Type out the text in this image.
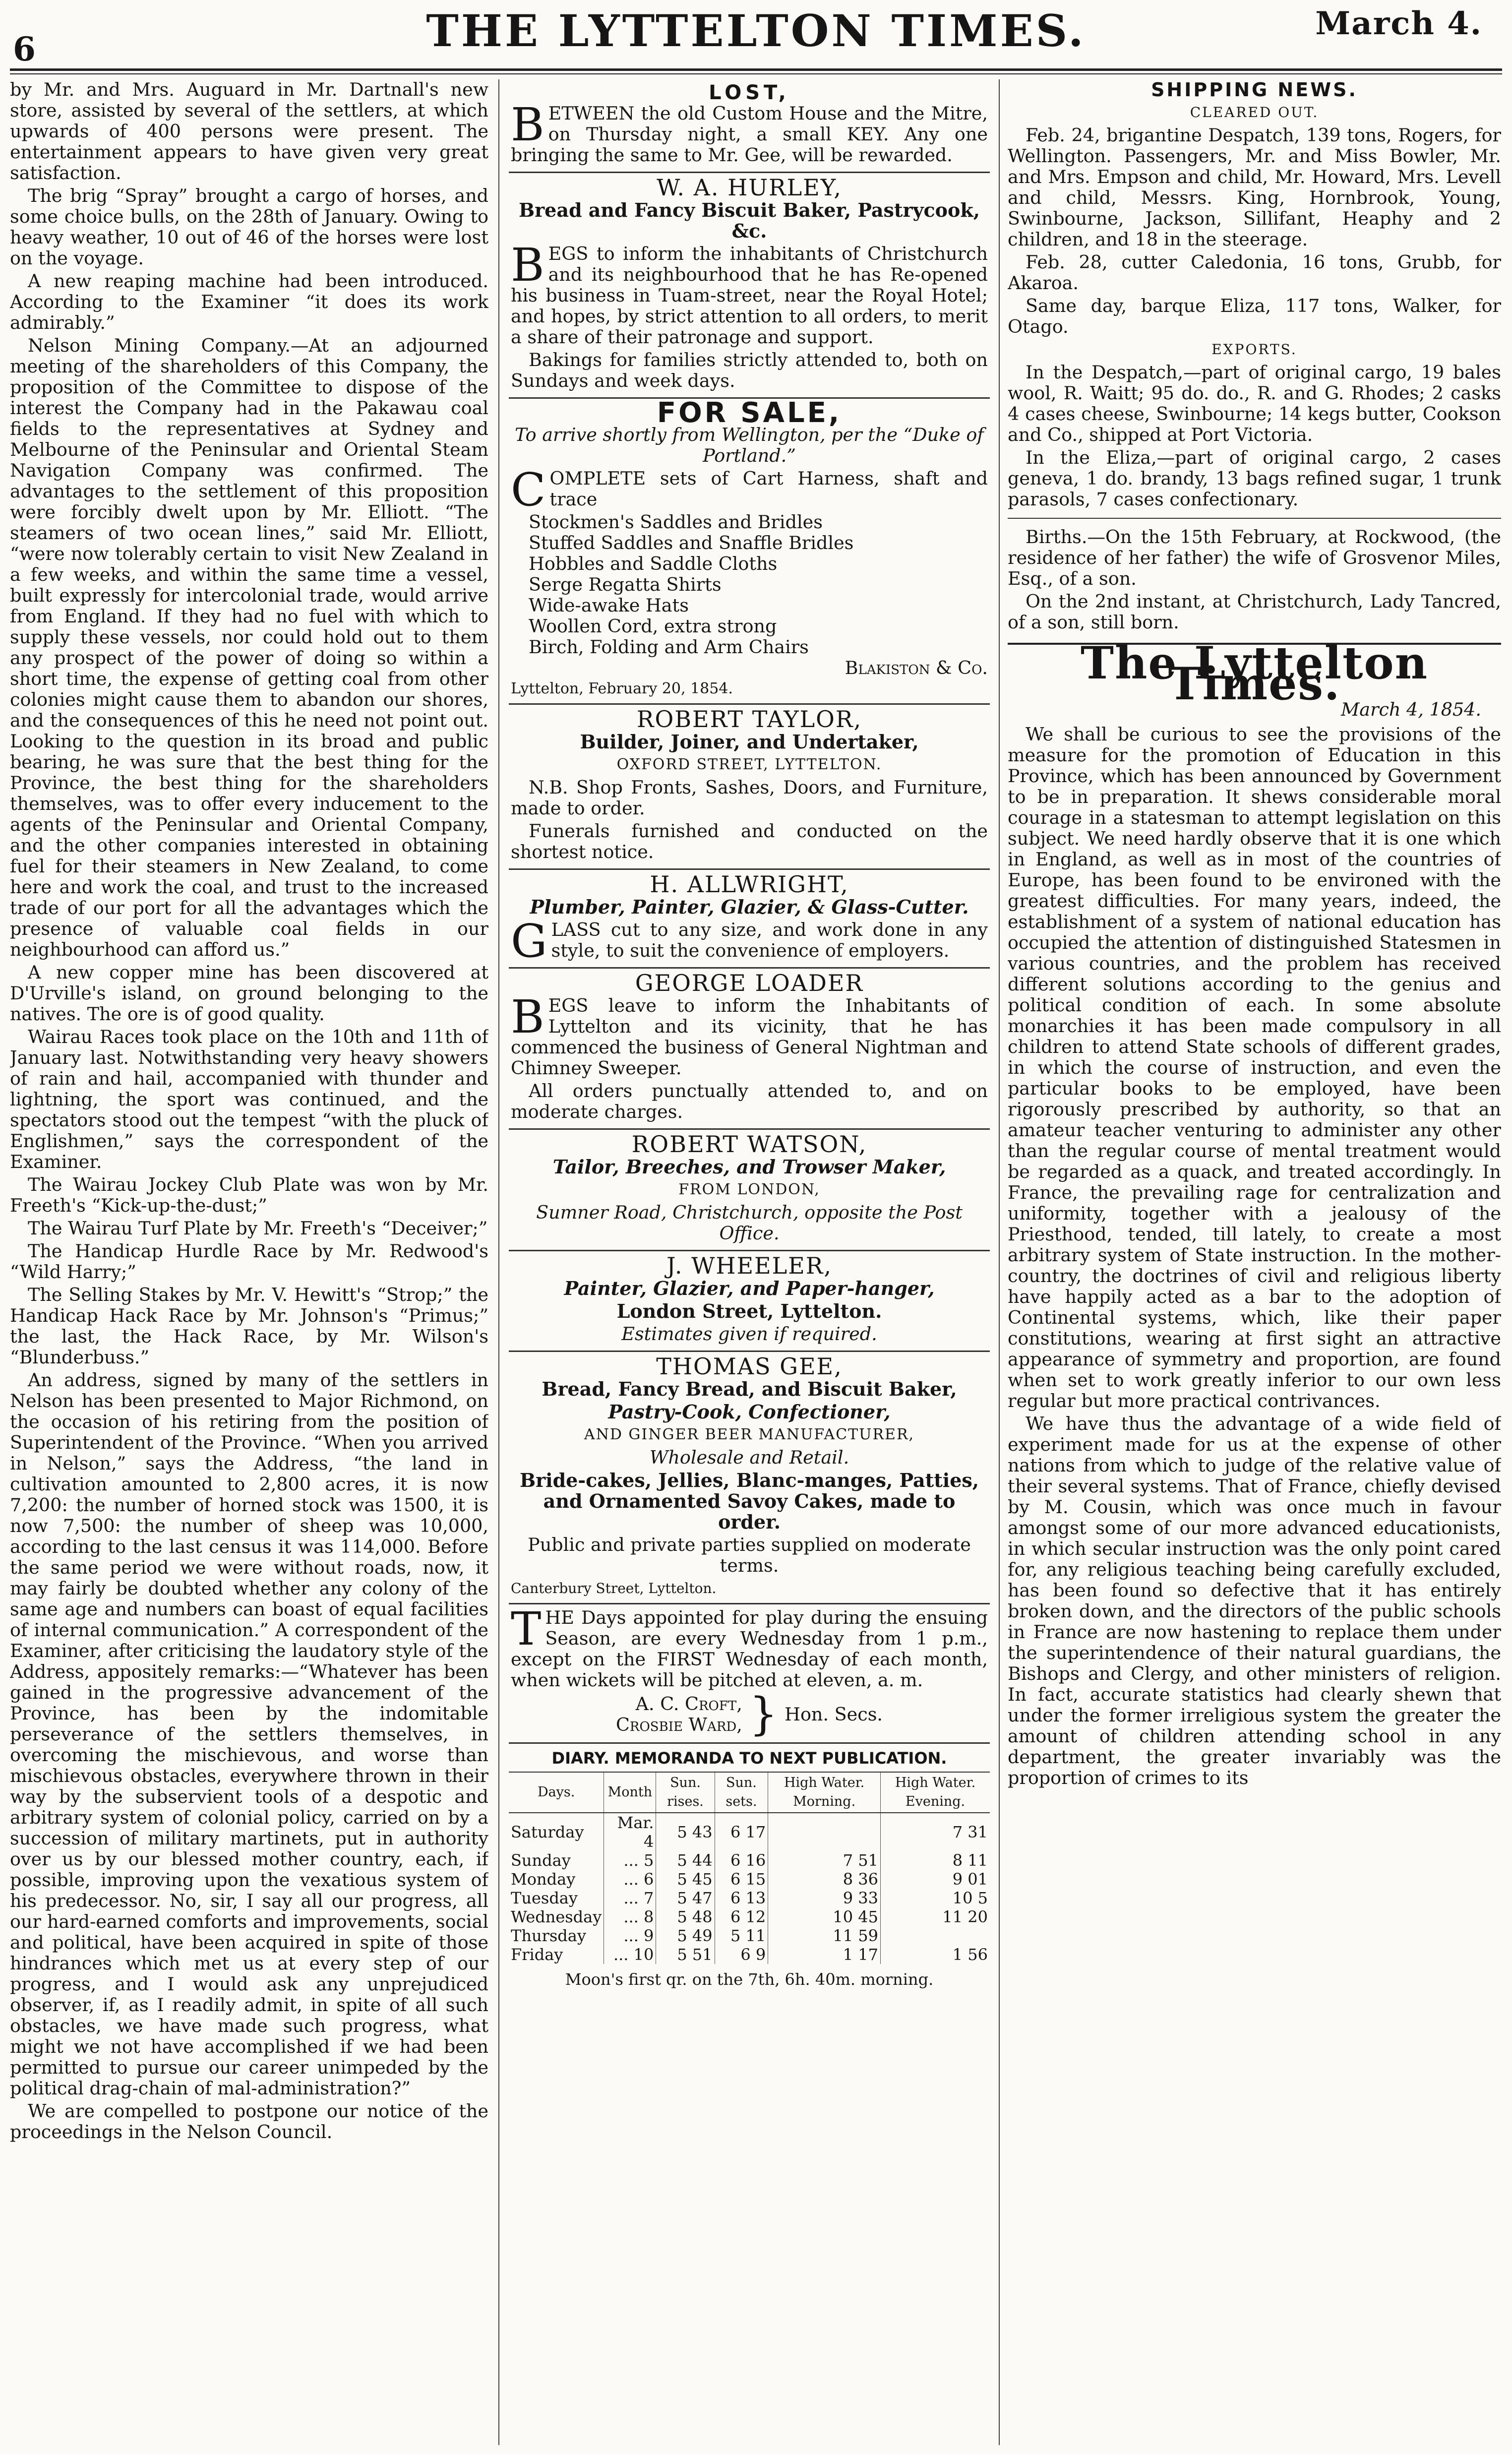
6	THE LYTTELTON TIMES.	March 4.

by Mr. and Mrs. Auguard in Mr. Dartnall's new store, assisted by several of the settlers, at which upwards of 400 persons were present. The entertainment appears to have given very great satisfaction.

The brig “Spray” brought a cargo of horses, and some choice bulls, on the 28th of January. Owing to heavy weather, 10 out of 46 of the horses were lost on the voyage.

A new reaping machine had been introduced. According to the Examiner “it does its work admirably.”

Nelson Mining Company.—At an adjourned meeting of the shareholders of this Company, the proposition of the Committee to dispose of the interest the Company had in the Pakawau coal fields to the representatives at Sydney and Melbourne of the Peninsular and Oriental Steam Navigation Company was confirmed. The advantages to the settlement of this proposition were forcibly dwelt upon by Mr. Elliott. “The steamers of two ocean lines,” said Mr. Elliott, “were now tolerably certain to visit New Zealand in a few weeks, and within the same time a vessel, built expressly for intercolonial trade, would arrive from England. If they had no fuel with which to supply these vessels, nor could hold out to them any prospect of the power of doing so within a short time, the expense of getting coal from other colonies might cause them to abandon our shores, and the consequences of this he need not point out. Looking to the question in its broad and public bearing, he was sure that the best thing for the Province, the best thing for the shareholders themselves, was to offer every inducement to the agents of the Peninsular and Oriental Company, and the other companies interested in obtaining fuel for their steamers in New Zealand, to come here and work the coal, and trust to the increased trade of our port for all the advantages which the presence of valuable coal fields in our neighbourhood can afford us.”

A new copper mine has been discovered at D'Urville's island, on ground belonging to the natives. The ore is of good quality.

Wairau Races took place on the 10th and 11th of January last. Notwithstanding very heavy showers of rain and hail, accompanied with thunder and lightning, the sport was continued, and the spectators stood out the tempest “with the pluck of Englishmen,” says the correspondent of the Examiner.

The Wairau Jockey Club Plate was won by Mr. Freeth's “Kick-up-the-dust;”

The Wairau Turf Plate by Mr. Freeth's “Deceiver;”

The Handicap Hurdle Race by Mr. Redwood's “Wild Harry;”

The Selling Stakes by Mr. V. Hewitt's “Strop;” the Handicap Hack Race by Mr. Johnson's “Primus;” the last, the Hack Race, by Mr. Wilson's “Blunderbuss.”

An address, signed by many of the settlers in Nelson has been presented to Major Richmond, on the occasion of his retiring from the position of Superintendent of the Province. “When you arrived in Nelson,” says the Address, “the land in cultivation amounted to 2,800 acres, it is now 7,200: the number of horned stock was 1500, it is now 7,500: the number of sheep was 10,000, according to the last census it was 114,000. Before the same period we were without roads, now, it may fairly be doubted whether any colony of the same age and numbers can boast of equal facilities of internal communication.” A correspondent of the Examiner, after criticising the laudatory style of the Address, appositely remarks:—“Whatever has been gained in the progressive advancement of the Province, has been by the indomitable perseverance of the settlers themselves, in overcoming the mischievous, and worse than mischievous obstacles, everywhere thrown in their way by the subservient tools of a despotic and arbitrary system of colonial policy, carried on by a succession of military martinets, put in authority over us by our blessed mother country, each, if possible, improving upon the vexatious system of his predecessor. No, sir, I say all our progress, all our hard-earned comforts and improvements, social and political, have been acquired in spite of those hindrances which met us at every step of our progress, and I would ask any unprejudiced observer, if, as I readily admit, in spite of all such obstacles, we have made such progress, what might we not have accomplished if we had been permitted to pursue our career unimpeded by the political drag-chain of mal-administration?”

We are compelled to postpone our notice of the proceedings in the Nelson Council.

LOST,

BETWEEN the old Custom House and the Mitre, on Thursday night, a small KEY. Any one bringing the same to Mr. Gee, will be rewarded.

W. A. HURLEY,
Bread and Fancy Biscuit Baker, Pastrycook, &c.

BEGS to inform the inhabitants of Christchurch and its neighbourhood that he has Re-opened his business in Tuam-street, near the Royal Hotel; and hopes, by strict attention to all orders, to merit a share of their patronage and support.

Bakings for families strictly attended to, both on Sundays and week days.

FOR SALE,
To arrive shortly from Wellington, per the “Duke of Portland.”

COMPLETE sets of Cart Harness, shaft and trace

Stockmen's Saddles and Bridles

Stuffed Saddles and Snaffle Bridles

Hobbles and Saddle Cloths

Serge Regatta Shirts

Wide-awake Hats

Woollen Cord, extra strong

Birch, Folding and Arm Chairs

Blakiston & Co.
Lyttelton, February 20, 1854.
ROBERT TAYLOR,
Builder, Joiner, and Undertaker,
OXFORD STREET, LYTTELTON.

N.B. Shop Fronts, Sashes, Doors, and Furniture, made to order.

Funerals furnished and conducted on the shortest notice.

H. ALLWRIGHT,
Plumber, Painter, Glazier, & Glass-Cutter.

GLASS cut to any size, and work done in any style, to suit the convenience of employers.

GEORGE LOADER

BEGS leave to inform the Inhabitants of Lyttelton and its vicinity, that he has commenced the business of General Nightman and Chimney Sweeper.

All orders punctually attended to, and on moderate charges.

ROBERT WATSON,
Tailor, Breeches, and Trowser Maker,
FROM LONDON,
Sumner Road, Christchurch, opposite the Post Office.
J. WHEELER,
Painter, Glazier, and Paper-hanger,
London Street, Lyttelton.
Estimates given if required.
THOMAS GEE,
Bread, Fancy Bread, and Biscuit Baker,
Pastry-Cook, Confectioner,
AND GINGER BEER MANUFACTURER,
Wholesale and Retail.
Bride-cakes, Jellies, Blanc-manges, Patties, and Ornamented Savoy Cakes, made to order.
Public and private parties supplied on moderate terms.
Canterbury Street, Lyttelton.

THE Days appointed for play during the ensuing Season, are every Wednesday from 1 p.m., except on the FIRST Wednesday of each month, when wickets will be pitched at eleven, a. m.

A. C. Croft,
Crosbie Ward, } Hon. Secs.
DIARY. MEMORANDA TO NEXT PUBLICATION.
Days.	Month	Sun. rises.	Sun. sets.	High Water. Morning.	High Water. Evening.
Saturday	Mar. 4	5 43	6 17		7 31
Sunday	... 5	5 44	6 16	7 51	8 11
Monday	... 6	5 45	6 15	8 36	9 01
Tuesday	... 7	5 47	6 13	9 33	10 5
Wednesday	... 8	5 48	6 12	10 45	11 20
Thursday	... 9	5 49	5 11	11 59	
Friday	... 10	5 51	6 9	1 17	1 56
Moon's first qr. on the 7th, 6h. 40m. morning.
SHIPPING NEWS.
CLEARED OUT.

Feb. 24, brigantine Despatch, 139 tons, Rogers, for Wellington. Passengers, Mr. and Miss Bowler, Mr. and Mrs. Empson and child, Mr. Howard, Mrs. Levell and child, Messrs. King, Hornbrook, Young, Swinbourne, Jackson, Sillifant, Heaphy and 2 children, and 18 in the steerage.

Feb. 28, cutter Caledonia, 16 tons, Grubb, for Akaroa.

Same day, barque Eliza, 117 tons, Walker, for Otago.

EXPORTS.

In the Despatch,—part of original cargo, 19 bales wool, R. Waitt; 95 do. do., R. and G. Rhodes; 2 casks 4 cases cheese, Swinbourne; 14 kegs butter, Cookson and Co., shipped at Port Victoria.

In the Eliza,—part of original cargo, 2 cases geneva, 1 do. brandy, 13 bags refined sugar, 1 trunk parasols, 7 cases confectionary.

Births.—On the 15th February, at Rockwood, (the residence of her father) the wife of Grosvenor Miles, Esq., of a son.

On the 2nd instant, at Christchurch, Lady Tancred, of a son, still born.

The Lyttelton Times. March 4, 1854.

We shall be curious to see the provisions of the measure for the promotion of Education in this Province, which has been announced by Government to be in preparation. It shews considerable moral courage in a statesman to attempt legislation on this subject. We need hardly observe that it is one which in England, as well as in most of the countries of Europe, has been found to be environed with the greatest difficulties. For many years, indeed, the establishment of a system of national education has occupied the attention of distinguished Statesmen in various countries, and the problem has received different solutions according to the genius and political condition of each. In some absolute monarchies it has been made compulsory in all children to attend State schools of different grades, in which the course of instruction, and even the particular books to be employed, have been rigorously prescribed by authority, so that an amateur teacher venturing to administer any other than the regular course of mental treatment would be regarded as a quack, and treated accordingly. In France, the prevailing rage for centralization and uniformity, together with a jealousy of the Priesthood, tended, till lately, to create a most arbitrary system of State instruction. In the mother-country, the doctrines of civil and religious liberty have happily acted as a bar to the adoption of Continental systems, which, like their paper constitutions, wearing at first sight an attractive appearance of symmetry and proportion, are found when set to work greatly inferior to our own less regular but more practical contrivances.

We have thus the advantage of a wide field of experiment made for us at the expense of other nations from which to judge of the relative value of their several systems. That of France, chiefly devised by M. Cousin, which was once much in favour amongst some of our more advanced educationists, in which secular instruction was the only point cared for, any religious teaching being carefully excluded, has been found so defective that it has entirely broken down, and the directors of the public schools in France are now hastening to replace them under the superintendence of their natural guardians, the Bishops and Clergy, and other ministers of religion. In fact, accurate statistics had clearly shewn that under the former irreligious system the greater the amount of children attending school in any department, the greater invariably was the proportion of crimes to its
